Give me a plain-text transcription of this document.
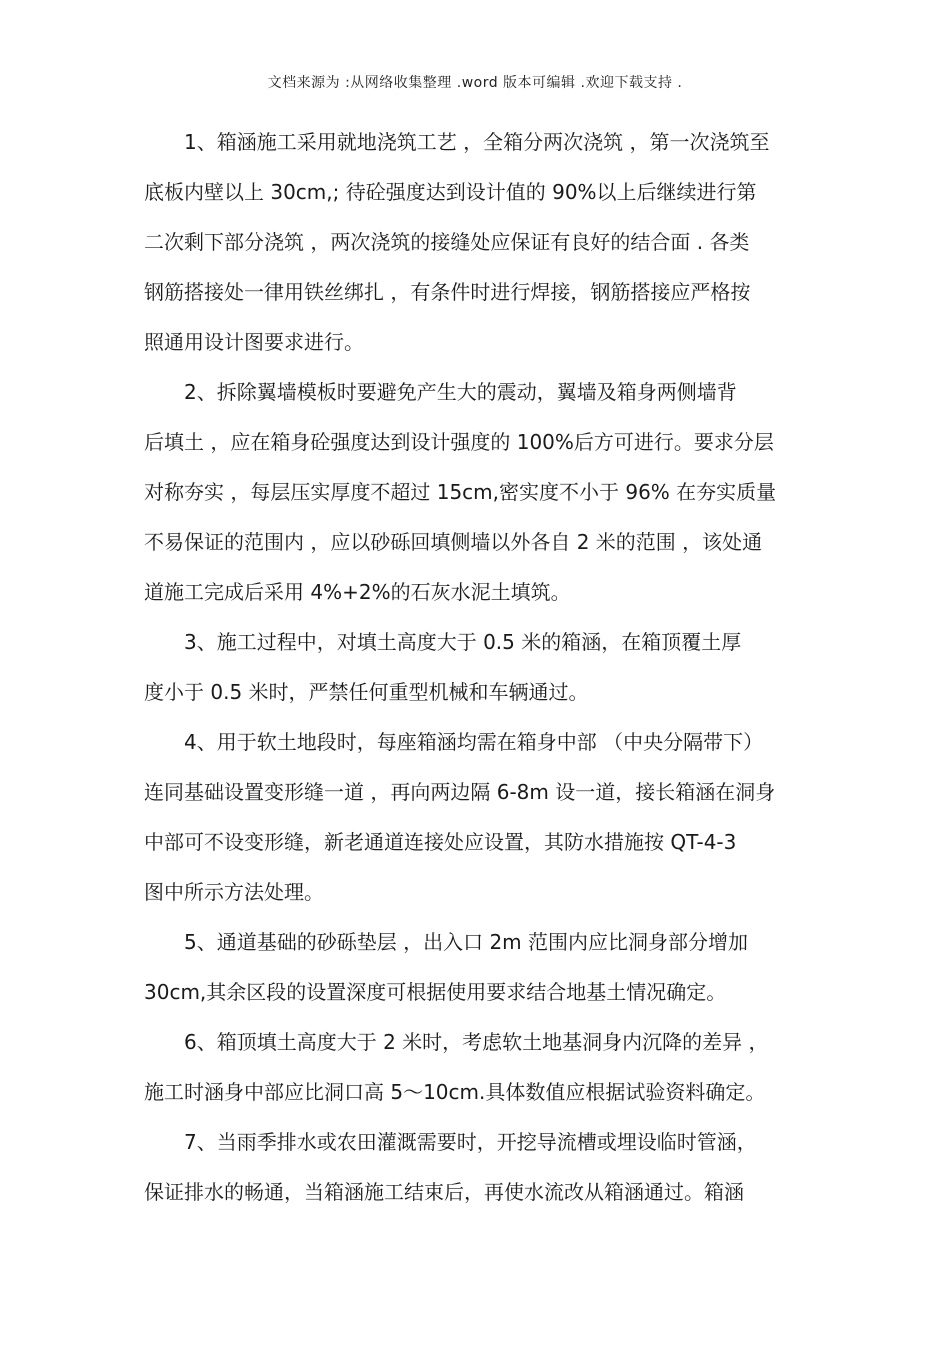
文档来源为 :从网络收集整理 .word 版本可编辑 .欢迎下载支持 .
1、箱涵施工采用就地浇筑工艺 ，全箱分两次浇筑 ，第一次浇筑至
底板内壁以上 30cm,; 待砼强度达到设计值的 90%以上后继续进行第
二次剩下部分浇筑 ，两次浇筑的接缝处应保证有良好的结合面 . 各类
钢筋搭接处一律用铁丝绑扎 ，有条件时进行焊接，钢筋搭接应严格按
照通用设计图要求进行。
2、拆除翼墙模板时要避免产生大的震动，翼墙及箱身两侧墙背
后填土 ，应在箱身砼强度达到设计强度的 100%后方可进行。要求分层
对称夯实 ，每层压实厚度不超过 15cm,密实度不小于 96% 在夯实质量
不易保证的范围内 ，应以砂砾回填侧墙以外各自 2 米的范围 ，该处通
道施工完成后采用 4%+2%的石灰水泥土填筑。
3、施工过程中，对填土高度大于 0.5 米的箱涵，在箱顶覆土厚
度小于 0.5 米时，严禁任何重型机械和车辆通过。
4、用于软土地段时，每座箱涵均需在箱身中部 （中央分隔带下）
连同基础设置变形缝一道 ，再向两边隔 6-8m 设一道，接长箱涵在洞身
中部可不设变形缝，新老通道连接处应设置，其防水措施按 QT-4-3
图中所示方法处理。
5、通道基础的砂砾垫层 ，出入口 2m 范围内应比洞身部分增加
30cm,其余区段的设置深度可根据使用要求结合地基土情况确定。
6、箱顶填土高度大于 2 米时，考虑软土地基洞身内沉降的差异 ，
施工时涵身中部应比洞口高 5～10cm.具体数值应根据试验资料确定。
7、当雨季排水或农田灌溉需要时，开挖导流槽或埋设临时管涵，
保证排水的畅通，当箱涵施工结束后，再使水流改从箱涵通过。箱涵
